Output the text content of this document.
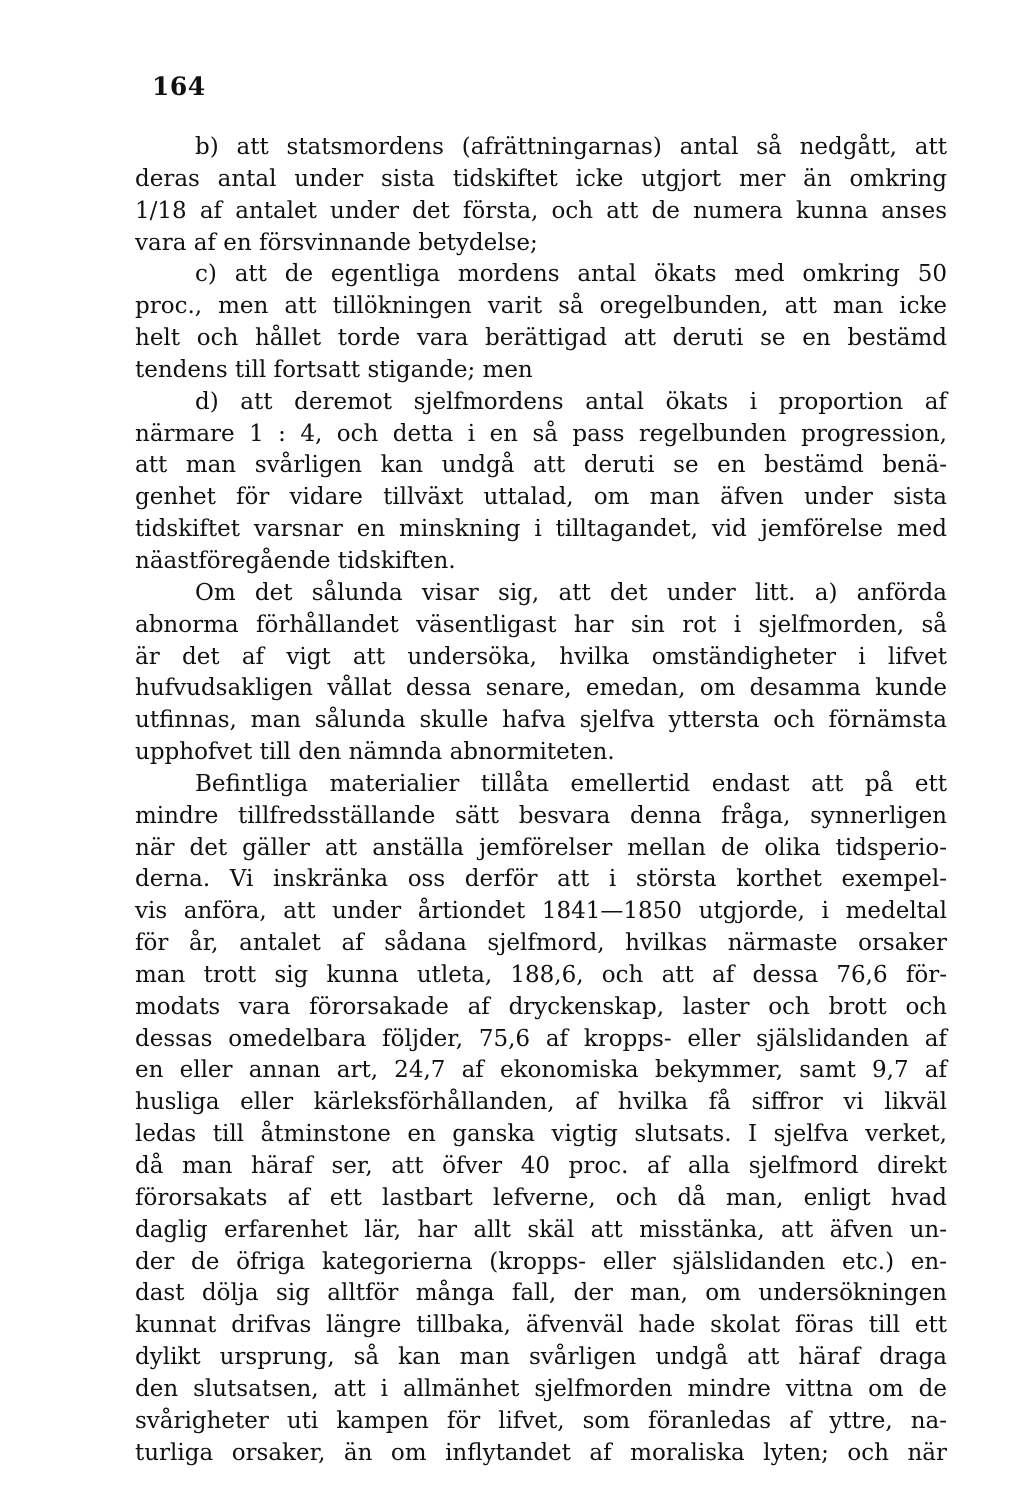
164
b) att statsmordens (afrättningarnas) antal så nedgått, att
deras antal under sista tidskiftet icke utgjort mer än omkring
1/18 af antalet under det första, och att de numera kunna anses
vara af en försvinnande betydelse;
c) att de egentliga mordens antal ökats med omkring 50
proc., men att tillökningen varit så oregelbunden, att man icke
helt och hållet torde vara berättigad att deruti se en bestämd
tendens till fortsatt stigande; men
d) att deremot sjelfmordens antal ökats i proportion af
närmare 1 : 4, och detta i en så pass regelbunden progression,
att man svårligen kan undgå att deruti se en bestämd benä-
genhet för vidare tillväxt uttalad, om man äfven under sista
tidskiftet varsnar en minskning i tilltagandet, vid jemförelse med
näastföregående tidskiften.
Om det sålunda visar sig, att det under litt. a) anförda
abnorma förhållandet väsentligast har sin rot i sjelfmorden, så
är det af vigt att undersöka, hvilka omständigheter i lifvet
hufvudsakligen vållat dessa senare, emedan, om desamma kunde
utfinnas, man sålunda skulle hafva sjelfva yttersta och förnämsta
upphofvet till den nämnda abnormiteten.
Befintliga materialier tillåta emellertid endast att på ett
mindre tillfredsställande sätt besvara denna fråga, synnerligen
när det gäller att anställa jemförelser mellan de olika tidsperio-
derna. Vi inskränka oss derför att i största korthet exempel-
vis anföra, att under årtiondet 1841—1850 utgjorde, i medeltal
för år, antalet af sådana sjelfmord, hvilkas närmaste orsaker
man trott sig kunna utleta, 188,6, och att af dessa 76,6 för-
modats vara förorsakade af dryckenskap, laster och brott och
dessas omedelbara följder, 75,6 af kropps- eller själslidanden af
en eller annan art, 24,7 af ekonomiska bekymmer, samt 9,7 af
husliga eller kärleksförhållanden, af hvilka få siffror vi likväl
ledas till åtminstone en ganska vigtig slutsats. I sjelfva verket,
då man häraf ser, att öfver 40 proc. af alla sjelfmord direkt
förorsakats af ett lastbart lefverne, och då man, enligt hvad
daglig erfarenhet lär, har allt skäl att misstänka, att äfven un-
der de öfriga kategorierna (kropps- eller själslidanden etc.) en-
dast dölja sig alltför många fall, der man, om undersökningen
kunnat drifvas längre tillbaka, äfvenväl hade skolat föras till ett
dylikt ursprung, så kan man svårligen undgå att häraf draga
den slutsatsen, att i allmänhet sjelfmorden mindre vittna om de
svårigheter uti kampen för lifvet, som föranledas af yttre, na-
turliga orsaker, än om inflytandet af moraliska lyten; och när
